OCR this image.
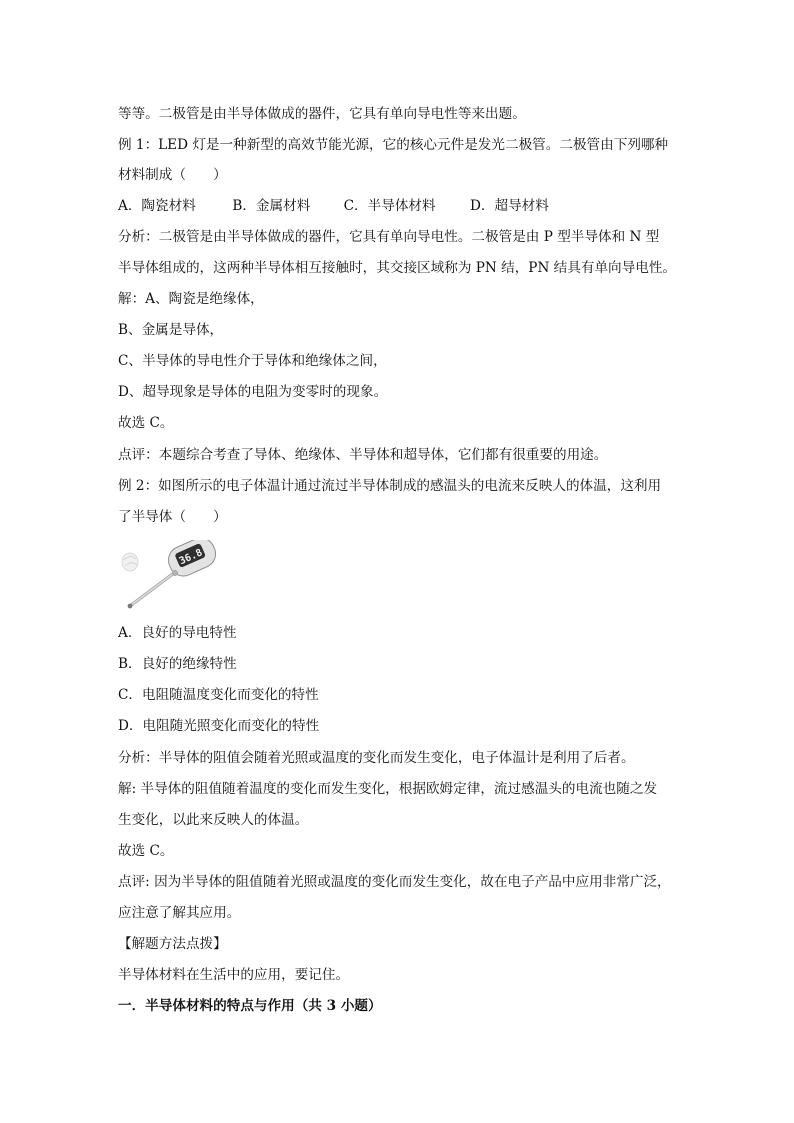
等等。二极管是由半导体做成的器件，它具有单向导电性等来出题。
例 1：LED 灯是一种新型的高效节能光源，它的核心元件是发光二极管。二极管由下列哪种
材料制成（　　）
A．陶瓷材料	B．金属材料 C．半导体材料	D．超导材料
分析：二极管是由半导体做成的器件，它具有单向导电性。二极管是由 P 型半导体和 N 型
半导体组成的，这两种半导体相互接触时，其交接区域称为 PN 结，PN 结具有单向导电性。
解：A、陶瓷是绝缘体，
B、金属是导体，
C、半导体的导电性介于导体和绝缘体之间，
D、超导现象是导体的电阻为变零时的现象。
故选 C。
点评：本题综合考查了导体、绝缘体、半导体和超导体，它们都有很重要的用途。
例 2：如图所示的电子体温计通过流过半导体制成的感温头的电流来反映人的体温，这利用
了半导体（　　）
36.8
A．良好的导电特性
B．良好的绝缘特性
C．电阻随温度变化而变化的特性
D．电阻随光照变化而变化的特性
分析：半导体的阻值会随着光照或温度的变化而发生变化，电子体温计是利用了后者。
解: 半导体的阻值随着温度的变化而发生变化，根据欧姆定律，流过感温头的电流也随之发
生变化，以此来反映人的体温。
故选 C。
点评: 因为半导体的阻值随着光照或温度的变化而发生变化，故在电子产品中应用非常广泛，
应注意了解其应用。
【解题方法点拨】
半导体材料在生活中的应用，要记住。
一．半导体材料的特点与作用（共 3 小题）
